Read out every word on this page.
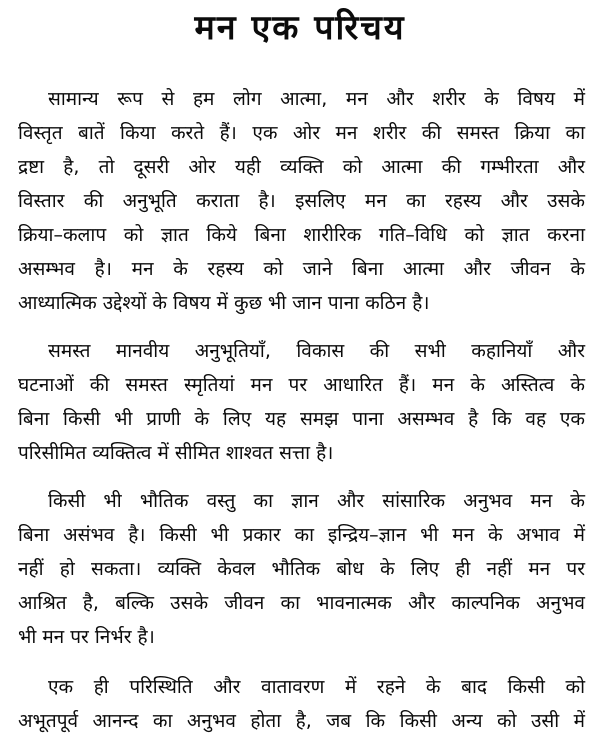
मन एक परिचय
सामान्य रूप से हम लोग आत्मा, मन और शरीर के विषय में
विस्तृत बातें किया करते हैं। एक ओर मन शरीर की समस्त क्रिया का
द्रष्टा है, तो दूसरी ओर यही व्यक्ति को आत्मा की गम्भीरता और
विस्तार की अनुभूति कराता है। इसलिए मन का रहस्य और उसके
क्रिया–कलाप को ज्ञात किये बिना शारीरिक गति–विधि को ज्ञात करना
असम्भव है। मन के रहस्य को जाने बिना आत्मा और जीवन के
आध्यात्मिक उद्देश्यों के विषय में कुछ भी जान पाना कठिन है।
समस्त मानवीय अनुभूतियाँ, विकास की सभी कहानियाँ और
घटनाओं की समस्त स्मृतियां मन पर आधारित हैं। मन के अस्तित्व के
बिना किसी भी प्राणी के लिए यह समझ पाना असम्भव है कि वह एक
परिसीमित व्यक्तित्व में सीमित शाश्वत सत्ता है।
किसी भी भौतिक वस्तु का ज्ञान और सांसारिक अनुभव मन के
बिना असंभव है। किसी भी प्रकार का इन्द्रिय–ज्ञान भी मन के अभाव में
नहीं हो सकता। व्यक्ति केवल भौतिक बोध के लिए ही नहीं मन पर
आश्रित है, बल्कि उसके जीवन का भावनात्मक और काल्पनिक अनुभव
भी मन पर निर्भर है।
एक ही परिस्थिति और वातावरण में रहने के बाद किसी को
अभूतपूर्व आनन्द का अनुभव होता है, जब कि किसी अन्य को उसी में
